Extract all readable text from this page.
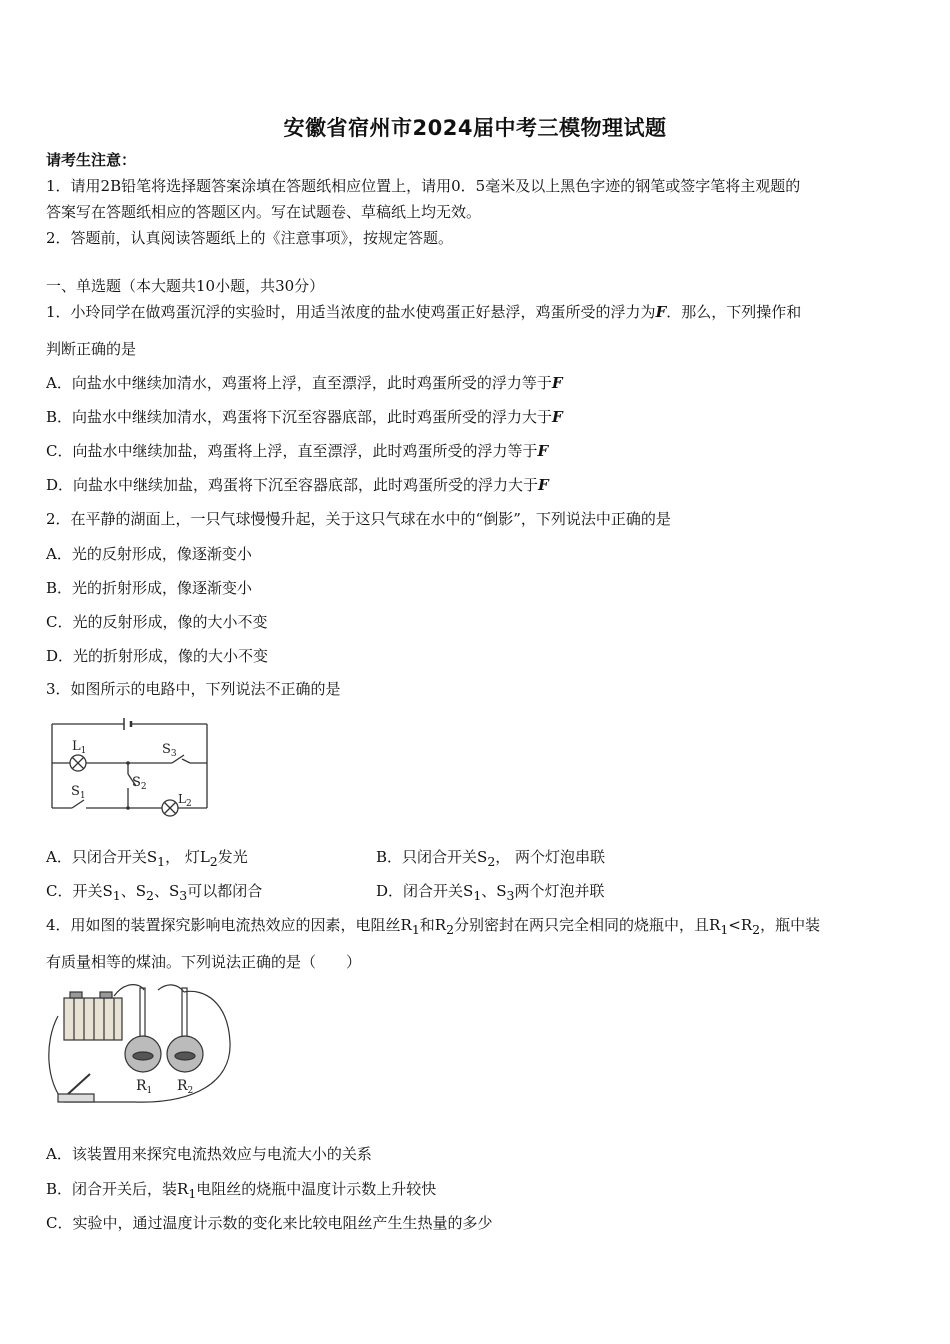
安徽省宿州市2024届中考三模物理试题
请考生注意：
1．请用2B铅笔将选择题答案涂填在答题纸相应位置上，请用0．5毫米及以上黑色字迹的钢笔或签字笔将主观题的
答案写在答题纸相应的答题区内。写在试题卷、草稿纸上均无效。
2．答题前，认真阅读答题纸上的《注意事项》，按规定答题。
一、单选题（本大题共10小题，共30分）
1．小玲同学在做鸡蛋沉浮的实验时，用适当浓度的盐水使鸡蛋正好悬浮，鸡蛋所受的浮力为F．那么，下列操作和
判断正确的是
A．向盐水中继续加清水，鸡蛋将上浮，直至漂浮，此时鸡蛋所受的浮力等于F
B．向盐水中继续加清水，鸡蛋将下沉至容器底部，此时鸡蛋所受的浮力大于F
C．向盐水中继续加盐，鸡蛋将上浮，直至漂浮，此时鸡蛋所受的浮力等于F
D．向盐水中继续加盐，鸡蛋将下沉至容器底部，此时鸡蛋所受的浮力大于F
2．在平静的湖面上，一只气球慢慢升起，关于这只气球在水中的“倒影”，下列说法中正确的是
A．光的反射形成，像逐渐变小
B．光的折射形成，像逐渐变小
C．光的反射形成，像的大小不变
D．光的折射形成，像的大小不变
3．如图所示的电路中，下列说法不正确的是
$L_1$	$S_3$
$S_2$
$S_1$	$L_2$
A．只闭合开关$S_1$， 灯$L_2$发光	B．只闭合开关$S_2$， 两个灯泡串联
C．开关$S_1$、$S_2$、$S_3$可以都闭合	D．闭合开关$S_1$、$S_3$两个灯泡并联
4．用如图的装置探究影响电流热效应的因素，电阻丝$R_1$和$R_2$分别密封在两只完全相同的烧瓶中，且$R_1<R_2$，瓶中装
有质量相等的煤油。下列说法正确的是（　　）
$R_1$ $R_2$
A．该装置用来探究电流热效应与电流大小的关系
B．闭合开关后，装$R_1$电阻丝的烧瓶中温度计示数上升较快
C．实验中，通过温度计示数的变化来比较电阻丝产生生热量的多少
